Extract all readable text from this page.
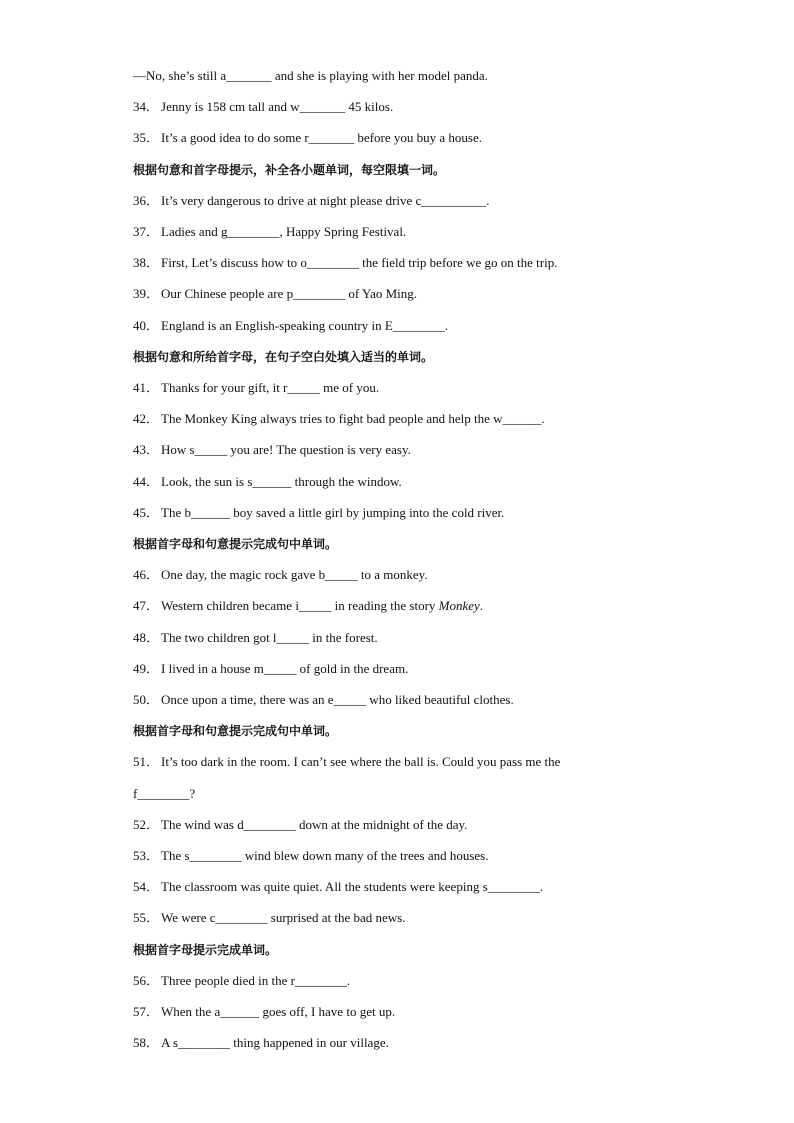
—No, she’s still a_______ and she is playing with her model panda.
34． Jenny is 158 cm tall and w_______ 45 kilos.
35． It’s a good idea to do some r_______ before you buy a house.
根据句意和首字母提示，补全各小题单词，每空限填一词。
36． It’s very dangerous to drive at night please drive c__________.
37． Ladies and g________, Happy Spring Festival.
38． First, Let’s discuss how to o________ the field trip before we go on the trip.
39． Our Chinese people are p________ of Yao Ming.
40． England is an English-speaking country in E________.
根据句意和所给首字母，在句子空白处填入适当的单词。
41． Thanks for your gift, it r_____ me of you.
42． The Monkey King always tries to fight bad people and help the w______.
43． How s_____ you are! The question is very easy.
44． Look, the sun is s______ through the window.
45． The b______ boy saved a little girl by jumping into the cold river.
根据首字母和句意提示完成句中单词。
46． One day, the magic rock gave b_____ to a monkey.
47． Western children became i_____ in reading the story Monkey.
48． The two children got l_____ in the forest.
49． I lived in a house m_____ of gold in the dream.
50． Once upon a time, there was an e_____ who liked beautiful clothes.
根据首字母和句意提示完成句中单词。
51． It’s too dark in the room. I can’t see where the ball is. Could you pass me the
f________?
52． The wind was d________ down at the midnight of the day.
53． The s________ wind blew down many of the trees and houses.
54． The classroom was quite quiet. All the students were keeping s________.
55． We were c________ surprised at the bad news.
根据首字母提示完成单词。
56． Three people died in the r________.
57． When the a______ goes off, I have to get up.
58． A s________ thing happened in our village.
